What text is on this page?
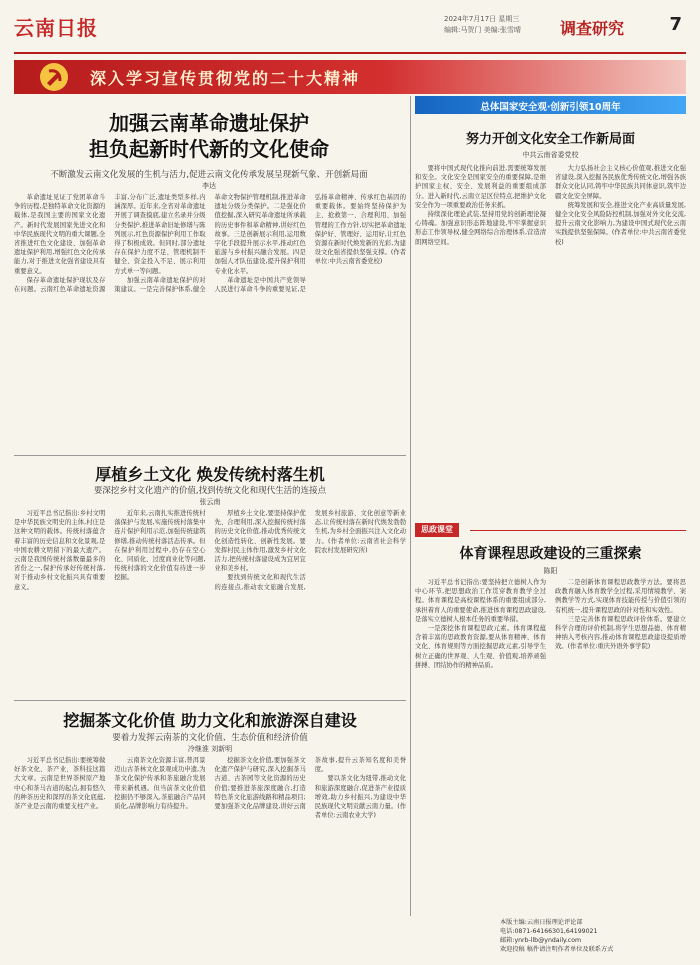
云南日报	2024年7月17日 星期三
编辑:马贺门 美编:张雪晴 调查研究	7
深入学习宣传贯彻党的二十大精神
加强云南革命遗址保护
担负起新时代新的文化使命
不断激发云南文化发展的生机与活力,促进云南文化传承发展呈现新气象、开创新局面
李达

革命遗址见证了党团革命斗争的历程,是独特革命文化资源的载体,是我国主要的国家文化遗产。新时代发展国家先进文化和中华民族现代文明的重大课题,全省推进红色文化建设、加强革命遗址保护利用,增强红色文化传承能力,对于推进文化强省建设具有重要意义。

保存革命遗址保护现状及存在问题。云南红色革命遗址资源丰富,分布广泛,遗址类型多样,内涵深厚。近年来,全省对革命遗址开展了调查摸底,建立名录并分级分类保护,推进革命旧址修缮与陈列展示,红色资源保护利用工作取得了积极成效。但同时,部分遗址存在保护力度不足、管理机制不健全、资金投入不足、展示利用方式单一等问题。

加强云南革命遗址保护的对策建议。一是完善保护体系,健全革命文物保护管理机制,推进革命遗址分级分类保护。二是强化价值挖掘,深入研究革命遗址所承载的历史事件和革命精神,讲好红色故事。三是创新展示利用,运用数字化手段提升展示水平,推动红色旅游与乡村振兴融合发展。四是加强人才队伍建设,提升保护利用专业化水平。

革命遗址是中国共产党领导人民进行革命斗争的重要见证,是弘扬革命精神、传承红色基因的重要载体。要始终坚持保护为主、抢救第一、合理利用、加强管理的工作方针,切实把革命遗址保护好、管理好、运用好,让红色资源在新时代焕发新的光彩,为建设文化强省提供坚强支撑。(作者单位:中共云南省委党校)

总体国家安全观·创新引领10周年
努力开创文化安全工作新局面
中共云南省委党校

要将中国式现代化推向前进,需要统筹发展和安全。文化安全是国家安全的重要保障,是维护国家主权、安全、发展利益的重要组成部分。进入新时代,云南立足区位特点,把维护文化安全作为一项重要政治任务来抓。

持续深化理论武装,坚持用党的创新理论凝心铸魂。加强意识形态阵地建设,牢牢掌握意识形态工作领导权,健全网络综合治理体系,营造清朗网络空间。

大力弘扬社会主义核心价值观,推进文化强省建设,深入挖掘各民族优秀传统文化,增强各族群众文化认同,铸牢中华民族共同体意识,筑牢边疆文化安全屏障。

统筹发展和安全,推进文化产业高质量发展,健全文化安全风险防控机制,加强对外文化交流,提升云南文化影响力,为建设中国式现代化云南实践提供坚强保障。(作者单位:中共云南省委党校)

厚植乡土文化 焕发传统村落生机
要深挖乡村文化遗产的价值,找到传统文化和现代生活的连接点
张云南

习近平总书记指出:乡村文明是中华民族文明史的主体,村庄是这种文明的载体。传统村落蕴含着丰富的历史信息和文化景观,是中国农耕文明留下的最大遗产。云南是我国传统村落数量最多的省份之一,保护传承好传统村落,对于推动乡村文化振兴具有重要意义。

近年来,云南扎实推进传统村落保护与发展,实施传统村落集中连片保护利用示范,加强传统建筑修缮,推动传统村落活态传承。但在保护利用过程中,仍存在空心化、同质化、过度商业化等问题,传统村落的文化价值有待进一步挖掘。

厚植乡土文化,要坚持保护优先、合理利用,深入挖掘传统村落的历史文化价值,推动优秀传统文化创造性转化、创新性发展。要发挥村民主体作用,激发乡村文化活力,把传统村落建设成为宜居宜业和美乡村。

要找到传统文化和现代生活的连接点,推动农文旅融合发展,发展乡村旅游、文化创意等新业态,让传统村落在新时代焕发勃勃生机,为乡村全面振兴注入文化动力。(作者单位:云南省社会科学院农村发展研究所)

思政课堂
体育课程思政建设的三重探索
陈阳

习近平总书记指出:要坚持把立德树人作为中心环节,把思想政治工作贯穿教育教学全过程。体育课程是高校课程体系的重要组成部分,承担着育人的重要使命,推进体育课程思政建设,是落实立德树人根本任务的重要举措。

一是深挖体育课程思政元素。体育课程蕴含着丰富的思政教育资源,要从体育精神、体育文化、体育规则等方面挖掘思政元素,引导学生树立正确的世界观、人生观、价值观,培养顽强拼搏、团结协作的精神品质。

二是创新体育课程思政教学方法。要将思政教育融入体育教学全过程,采用情境教学、案例教学等方式,实现体育技能传授与价值引领的有机统一,提升课程思政的针对性和实效性。

三是完善体育课程思政评价体系。要建立科学合理的评价机制,将学生思想品德、体育精神纳入考核内容,推动体育课程思政建设提质增效。(作者单位:重庆外语外事学院)

挖掘茶文化价值 助力文化和旅游深自建设
要着力发挥云南茶的文化价值、生态价值和经济价值
冷继淮 刘新明

习近平总书记指出:要统筹做好茶文化、茶产业、茶科技这篇大文章。云南是世界茶树原产地中心和茶马古道的起点,拥有悠久的种茶历史和深厚的茶文化底蕴,茶产业是云南的重要支柱产业。

云南茶文化资源丰富,普洱景迈山古茶林文化景观成功申遗,为茶文化保护传承和茶旅融合发展带来新机遇。但当前茶文化价值挖掘仍不够深入,茶旅融合产品同质化,品牌影响力有待提升。

挖掘茶文化价值,要加强茶文化遗产保护与研究,深入挖掘茶马古道、古茶园等文化资源的历史价值;要推进茶旅深度融合,打造特色茶文化旅游线路和精品项目;要加强茶文化品牌建设,讲好云南茶故事,提升云茶知名度和美誉度。

要以茶文化为纽带,推动文化和旅游深度融合,促进茶产业提质增效,助力乡村振兴,为建设中华民族现代文明贡献云南力量。(作者单位:云南农业大学)

本版主编:云南日报理论评论部
电话:0871-64166301,64199021
邮箱:ynrb-llb@yndaily.com
欢迎投稿 稿件请注明作者单位及联系方式
